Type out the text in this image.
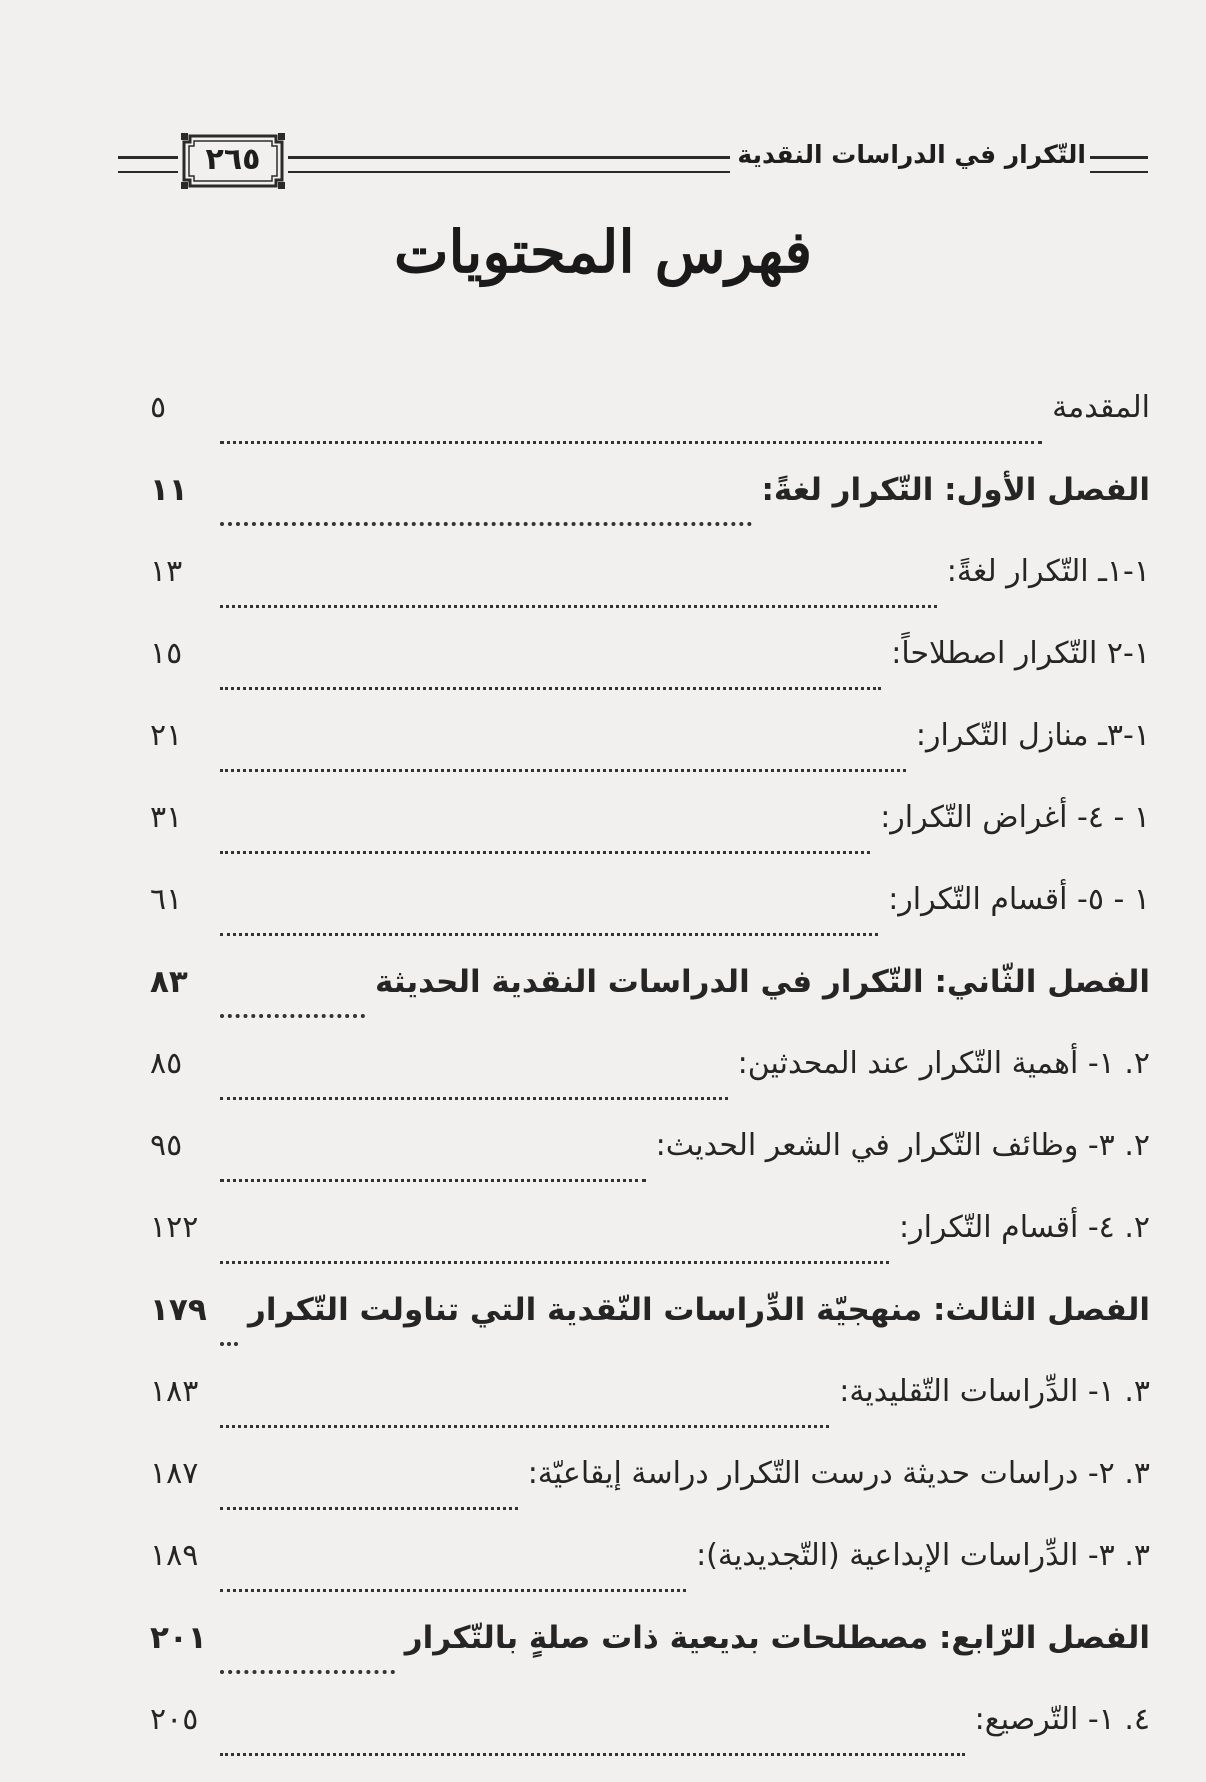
التّكرار في الدراسات النقدية
٢٦٥
فهرس المحتويات
المقدمة
٥
الفصل الأول: التّكرار لغةً:
١١
١-١ـ التّكرار لغةً:
١٣
١-٢ التّكرار اصطلاحاً:
١٥
١-٣ـ منازل التّكرار:
٢١
١ - ٤- أغراض التّكرار:
٣١
١ - ٥- أقسام التّكرار:
٦١
الفصل الثّاني: التّكرار في الدراسات النقدية الحديثة
٨٣
٢. ١- أهمية التّكرار عند المحدثين:
٨٥
٢. ٣- وظائف التّكرار في الشعر الحديث:
٩٥
٢. ٤- أقسام التّكرار:
١٢٢
الفصل الثالث: منهجيّة الدِّراسات النّقدية التي تناولت التّكرار
١٧٩
٣. ١- الدِّراسات التّقليدية:
١٨٣
٣. ٢- دراسات حديثة درست التّكرار دراسة إيقاعيّة:
١٨٧
٣. ٣- الدِّراسات الإبداعية (التّجديدية):
١٨٩
الفصل الرّابع: مصطلحات بديعية ذات صلةٍ بالتّكرار
٢٠١
٤. ١- التّرصيع:
٢٠٥
